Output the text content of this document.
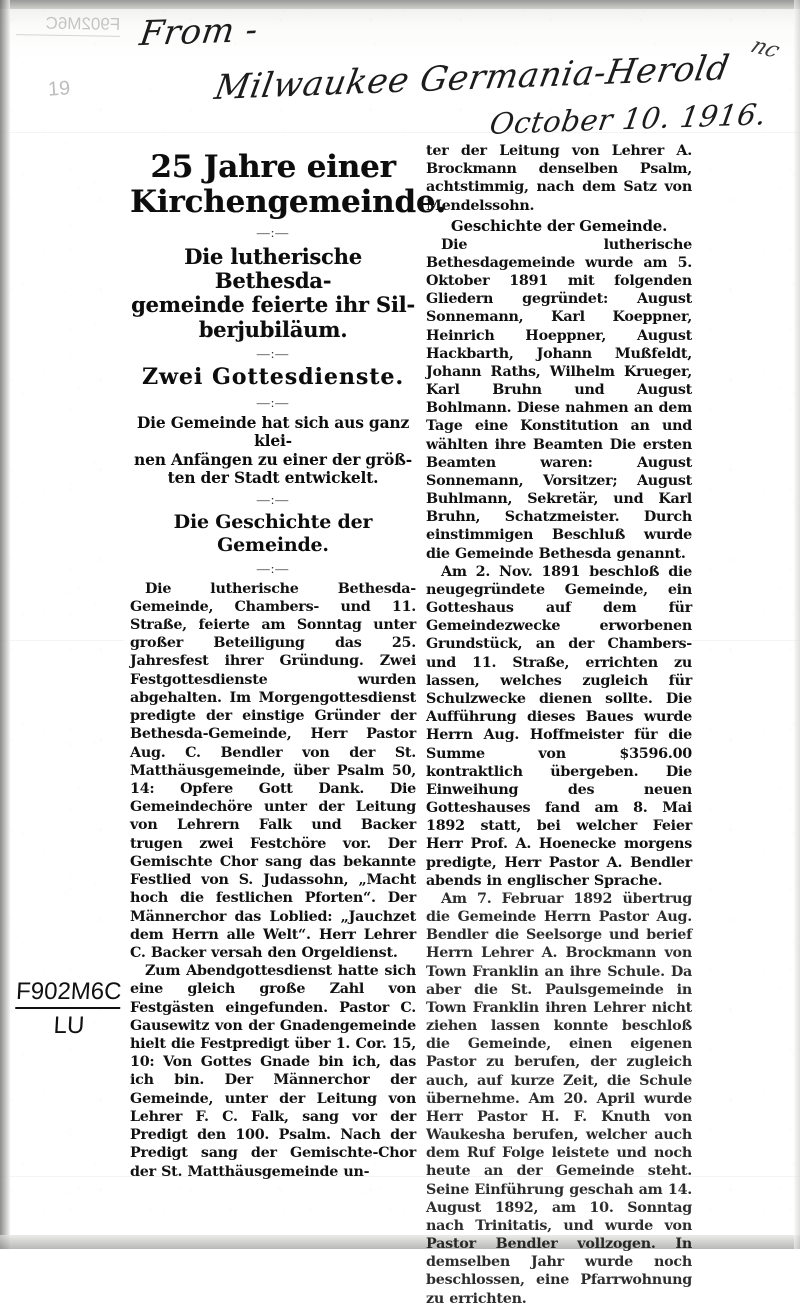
F902M6C
19
From -
Milwaukee Germania-Herold
October 10. 1916.
nc
F902M6C
LU
25 Jahre einer
Kirchengemeinde.
—:—
Die lutherische Bethesda-
gemeinde feierte ihr Sil-
berjubiläum.
—:—
Zwei Gottesdienste.
—:—
Die Gemeinde hat sich aus ganz klei-
nen Anfängen zu einer der größ-
ten der Stadt entwickelt.
—:—
Die Geschichte der Gemeinde.
—:—

Die lutherische Bethesda-Gemeinde, Chambers- und 11. Straße, feierte am Sonntag unter großer Beteiligung das 25. Jahresfest ihrer Gründung. Zwei Festgottesdienste wurden abgehalten. Im Morgengottesdienst predigte der einstige Gründer der Bethesda-Gemeinde, Herr Pastor Aug. C. Bendler von der St. Matthäusgemeinde, über Psalm 50, 14: Opfere Gott Dank. Die Gemeindechöre unter der Leitung von Lehrern Falk und Backer trugen zwei Festchöre vor. Der Gemischte Chor sang das bekannte Festlied von S. Judassohn, „Macht hoch die festlichen Pforten“. Der Männerchor das Loblied: „Jauchzet dem Herrn alle Welt“. Herr Lehrer C. Backer versah den Orgeldienst.

Zum Abendgottesdienst hatte sich eine gleich große Zahl von Festgästen eingefunden. Pastor C. Gausewitz von der Gnadengemeinde hielt die Festpredigt über 1. Cor. 15, 10: Von Gottes Gnade bin ich, das ich bin. Der Männerchor der Gemeinde, unter der Leitung von Lehrer F. C. Falk, sang vor der Predigt den 100. Psalm. Nach der Predigt sang der Gemischte-Chor der St. Matthäusgemeinde un-

ter der Leitung von Lehrer A. Brockmann denselben Psalm, achtstimmig, nach dem Satz von Mendelssohn.

Geschichte der Gemeinde.

Die lutherische Bethesdagemeinde wurde am 5. Oktober 1891 mit folgenden Gliedern gegründet: August Sonnemann, Karl Koeppner, Heinrich Hoeppner, August Hackbarth, Johann Mußfeldt, Johann Raths, Wilhelm Krueger, Karl Bruhn und August Bohlmann. Diese nahmen an dem Tage eine Konstitution an und wählten ihre Beamten Die ersten Beamten waren: August Sonnemann, Vorsitzer; August Buhlmann, Sekretär, und Karl Bruhn, Schatzmeister. Durch einstimmigen Beschluß wurde die Gemeinde Bethesda genannt.

Am 2. Nov. 1891 beschloß die neugegründete Gemeinde, ein Gotteshaus auf dem für Gemeindezwecke erworbenen Grundstück, an der Chambers- und 11. Straße, errichten zu lassen, welches zugleich für Schulzwecke dienen sollte. Die Aufführung dieses Baues wurde Herrn Aug. Hoffmeister für die Summe von $3596.00 kontraktlich übergeben. Die Einweihung des neuen Gotteshauses fand am 8. Mai 1892 statt, bei welcher Feier Herr Prof. A. Hoenecke morgens predigte, Herr Pastor A. Bendler abends in englischer Sprache.

Am 7. Februar 1892 übertrug die Gemeinde Herrn Pastor Aug. Bendler die Seelsorge und berief Herrn Lehrer A. Brockmann von Town Franklin an ihre Schule. Da aber die St. Paulsgemeinde in Town Franklin ihren Lehrer nicht ziehen lassen konnte beschloß die Gemeinde, einen eigenen Pastor zu berufen, der zugleich auch, auf kurze Zeit, die Schule übernehme. Am 20. April wurde Herr Pastor H. F. Knuth von Waukesha berufen, welcher auch dem Ruf Folge leistete und noch heute an der Gemeinde steht. Seine Einführung geschah am 14. August 1892, am 10. Sonntag nach Trinitatis, und wurde von Pastor Bendler vollzogen. In demselben Jahr wurde noch beschlossen, eine Pfarrwohnung zu errichten.
